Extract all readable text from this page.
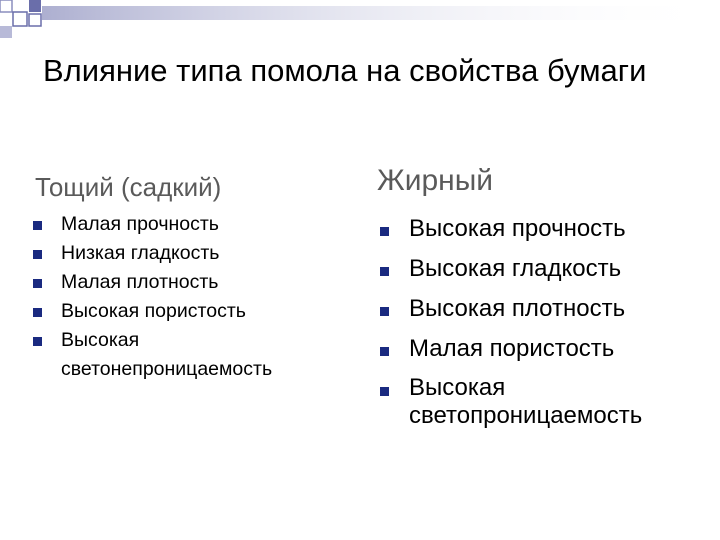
Влияние типа помола на свойства бумаги
Тощий (садкий)	Жирный
Малая прочность
Низкая гладкость
Малая плотность
Высокая пористость
Высокая светонепроницаемость
Высокая прочность
Высокая гладкость
Высокая плотность
Малая пористость
Высокая светопроницаемость
